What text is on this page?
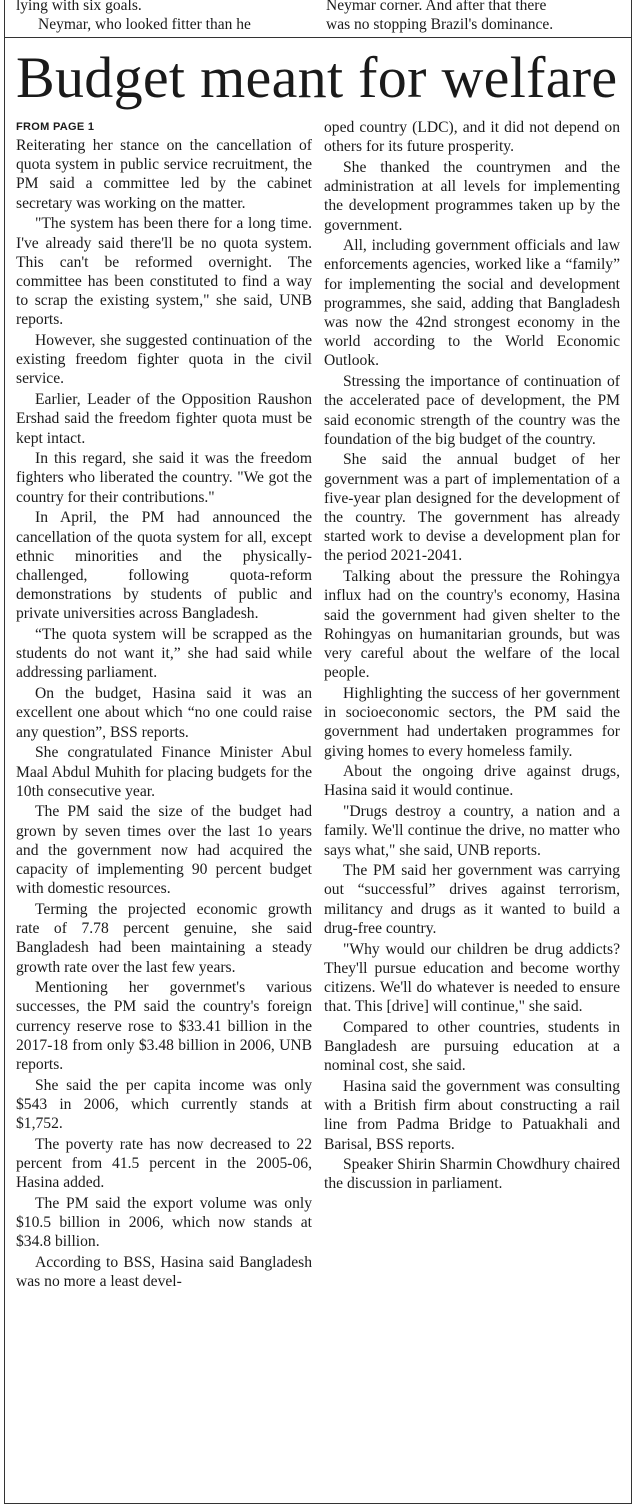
lying with six goals.

Neymar, who looked fitter than he

Neymar corner. And after that there

was no stopping Brazil's dominance.

Budget meant for welfare
FROM PAGE 1

Reiterating her stance on the cancellation of quota system in public service recruitment, the PM said a committee led by the cabinet secretary was working on the matter.

"The system has been there for a long time. I've already said there'll be no quota system. This can't be reformed overnight. The committee has been constituted to find a way to scrap the existing system," she said, UNB reports.

However, she suggested continuation of the existing freedom fighter quota in the civil service.

Earlier, Leader of the Opposition Raushon Ershad said the freedom fighter quota must be kept intact.

In this regard, she said it was the freedom fighters who liberated the country. "We got the country for their contributions."

In April, the PM had announced the cancellation of the quota system for all, except ethnic minorities and the physically-challenged, following quota-reform demonstrations by students of public and private universities across Bangladesh.

“The quota system will be scrapped as the students do not want it,” she had said while addressing parliament.

On the budget, Hasina said it was an excellent one about which “no one could raise any question”, BSS reports.

She congratulated Finance Minister Abul Maal Abdul Muhith for placing budgets for the 10th consecutive year.

The PM said the size of the budget had grown by seven times over the last 1o years and the government now had acquired the capacity of implementing 90 percent budget with domestic resources.

Terming the projected economic growth rate of 7.78 percent genuine, she said Bangladesh had been maintaining a steady growth rate over the last few years.

Mentioning her governmet's various successes, the PM said the country's foreign currency reserve rose to $33.41 billion in the 2017-18 from only $3.48 billion in 2006, UNB reports.

She said the per capita income was only $543 in 2006, which currently stands at $1,752.

The poverty rate has now decreased to 22 percent from 41.5 percent in the 2005-06, Hasina added.

The PM said the export volume was only $10.5 billion in 2006, which now stands at $34.8 billion.

According to BSS, Hasina said Bangladesh was no more a least devel-

oped country (LDC), and it did not depend on others for its future prosperity.

She thanked the countrymen and the administration at all levels for implementing the development programmes taken up by the government.

All, including government officials and law enforcements agencies, worked like a “family” for implementing the social and development programmes, she said, adding that Bangladesh was now the 42nd strongest economy in the world according to the World Economic Outlook.

Stressing the importance of continuation of the accelerated pace of development, the PM said economic strength of the country was the foundation of the big budget of the country.

She said the annual budget of her government was a part of implementation of a five-year plan designed for the development of the country. The government has already started work to devise a development plan for the period 2021-2041.

Talking about the pressure the Rohingya influx had on the country's economy, Hasina said the government had given shelter to the Rohingyas on humanitarian grounds, but was very careful about the welfare of the local people.

Highlighting the success of her government in socioeconomic sectors, the PM said the government had undertaken programmes for giving homes to every homeless family.

About the ongoing drive against drugs, Hasina said it would continue.

"Drugs destroy a country, a nation and a family. We'll continue the drive, no matter who says what," she said, UNB reports.

The PM said her government was carrying out “successful” drives against terrorism, militancy and drugs as it wanted to build a drug-free country.

"Why would our children be drug addicts? They'll pursue education and become worthy citizens. We'll do whatever is needed to ensure that. This [drive] will continue," she said.

Compared to other countries, students in Bangladesh are pursuing education at a nominal cost, she said.

Hasina said the government was consulting with a British firm about constructing a rail line from Padma Bridge to Patuakhali and Barisal, BSS reports.

Speaker Shirin Sharmin Chowdhury chaired the discussion in parliament.
